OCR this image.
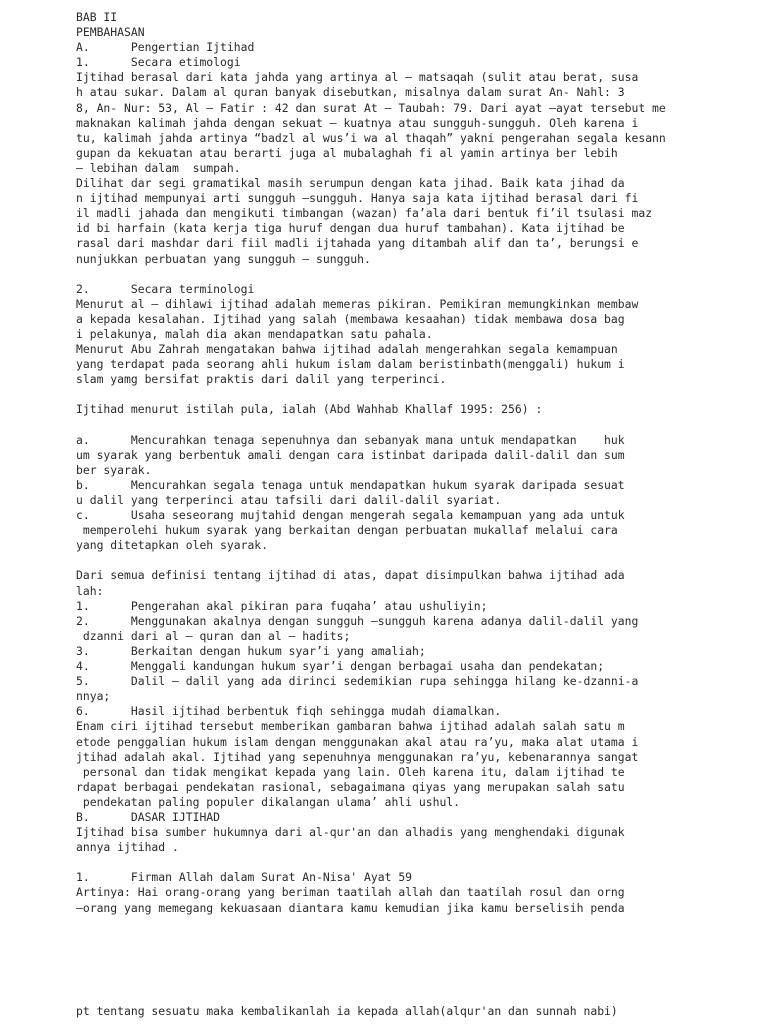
BAB II
PEMBAHASAN
A.      Pengertian Ijtihad
1.      Secara etimologi
Ijtihad berasal dari kata jahda yang artinya al – matsaqah (sulit atau berat, susa
h atau sukar. Dalam al quran banyak disebutkan, misalnya dalam surat An- Nahl: 3
8, An- Nur: 53, Al – Fatir : 42 dan surat At – Taubah: 79. Dari ayat –ayat tersebut me
maknakan kalimah jahda dengan sekuat – kuatnya atau sungguh-sungguh. Oleh karena i
tu, kalimah jahda artinya “badzl al wus’i wa al thaqah” yakni pengerahan segala kesann
gupan da kekuatan atau berarti juga al mubalaghah fi al yamin artinya ber lebih
– lebihan dalam  sumpah.
Dilihat dar segi gramatikal masih serumpun dengan kata jihad. Baik kata jihad da
n ijtihad mempunyai arti sungguh –sungguh. Hanya saja kata ijtihad berasal dari fi
il madli jahada dan mengikuti timbangan (wazan) fa’ala dari bentuk fi’il tsulasi maz
id bi harfain (kata kerja tiga huruf dengan dua huruf tambahan). Kata ijtihad be
rasal dari mashdar dari fiil madli ijtahada yang ditambah alif dan ta’, berungsi e
nunjukkan perbuatan yang sungguh – sungguh.
2.      Secara terminologi
Menurut al – dihlawi ijtihad adalah memeras pikiran. Pemikiran memungkinkan membaw
a kepada kesalahan. Ijtihad yang salah (membawa kesaahan) tidak membawa dosa bag
i pelakunya, malah dia akan mendapatkan satu pahala.
Menurut Abu Zahrah mengatakan bahwa ijtihad adalah mengerahkan segala kemampuan
yang terdapat pada seorang ahli hukum islam dalam beristinbath(menggali) hukum i
slam yamg bersifat praktis dari dalil yang terperinci.
Ijtihad menurut istilah pula, ialah (Abd Wahhab Khallaf 1995: 256) :
a.      Mencurahkan tenaga sepenuhnya dan sebanyak mana untuk mendapatkan    huk
um syarak yang berbentuk amali dengan cara istinbat daripada dalil-dalil dan sum
ber syarak.
b.      Mencurahkan segala tenaga untuk mendapatkan hukum syarak daripada sesuat
u dalil yang terperinci atau tafsili dari dalil-dalil syariat.
c.      Usaha seseorang mujtahid dengan mengerah segala kemampuan yang ada untuk
memperolehi hukum syarak yang berkaitan dengan perbuatan mukallaf melalui cara
yang ditetapkan oleh syarak.
Dari semua definisi tentang ijtihad di atas, dapat disimpulkan bahwa ijtihad ada
lah:
1.      Pengerahan akal pikiran para fuqaha’ atau ushuliyin;
2.      Menggunakan akalnya dengan sungguh –sungguh karena adanya dalil-dalil yang
dzanni dari al – quran dan al – hadits;
3.      Berkaitan dengan hukum syar’i yang amaliah;
4.      Menggali kandungan hukum syar’i dengan berbagai usaha dan pendekatan;
5.      Dalil – dalil yang ada dirinci sedemikian rupa sehingga hilang ke-dzanni-a
nnya;
6.      Hasil ijtihad berbentuk fiqh sehingga mudah diamalkan.
Enam ciri ijtihad tersebut memberikan gambaran bahwa ijtihad adalah salah satu m
etode penggalian hukum islam dengan menggunakan akal atau ra’yu, maka alat utama i
jtihad adalah akal. Ijtihad yang sepenuhnya menggunakan ra’yu, kebenarannya sangat
personal dan tidak mengikat kepada yang lain. Oleh karena itu, dalam ijtihad te
rdapat berbagai pendekatan rasional, sebagaimana qiyas yang merupakan salah satu
pendekatan paling populer dikalangan ulama’ ahli ushul.
B.      DASAR IJTIHAD
Ijtihad bisa sumber hukumnya dari al-qur'an dan alhadis yang menghendaki digunak
annya ijtihad .
1.      Firman Allah dalam Surat An-Nisa' Ayat 59
Artinya: Hai orang-orang yang beriman taatilah allah dan taatilah rosul dan orng
–orang yang memegang kekuasaan diantara kamu kemudian jika kamu berselisih penda
pt tentang sesuatu maka kembalikanlah ia kepada allah(alqur'an dan sunnah nabi)
